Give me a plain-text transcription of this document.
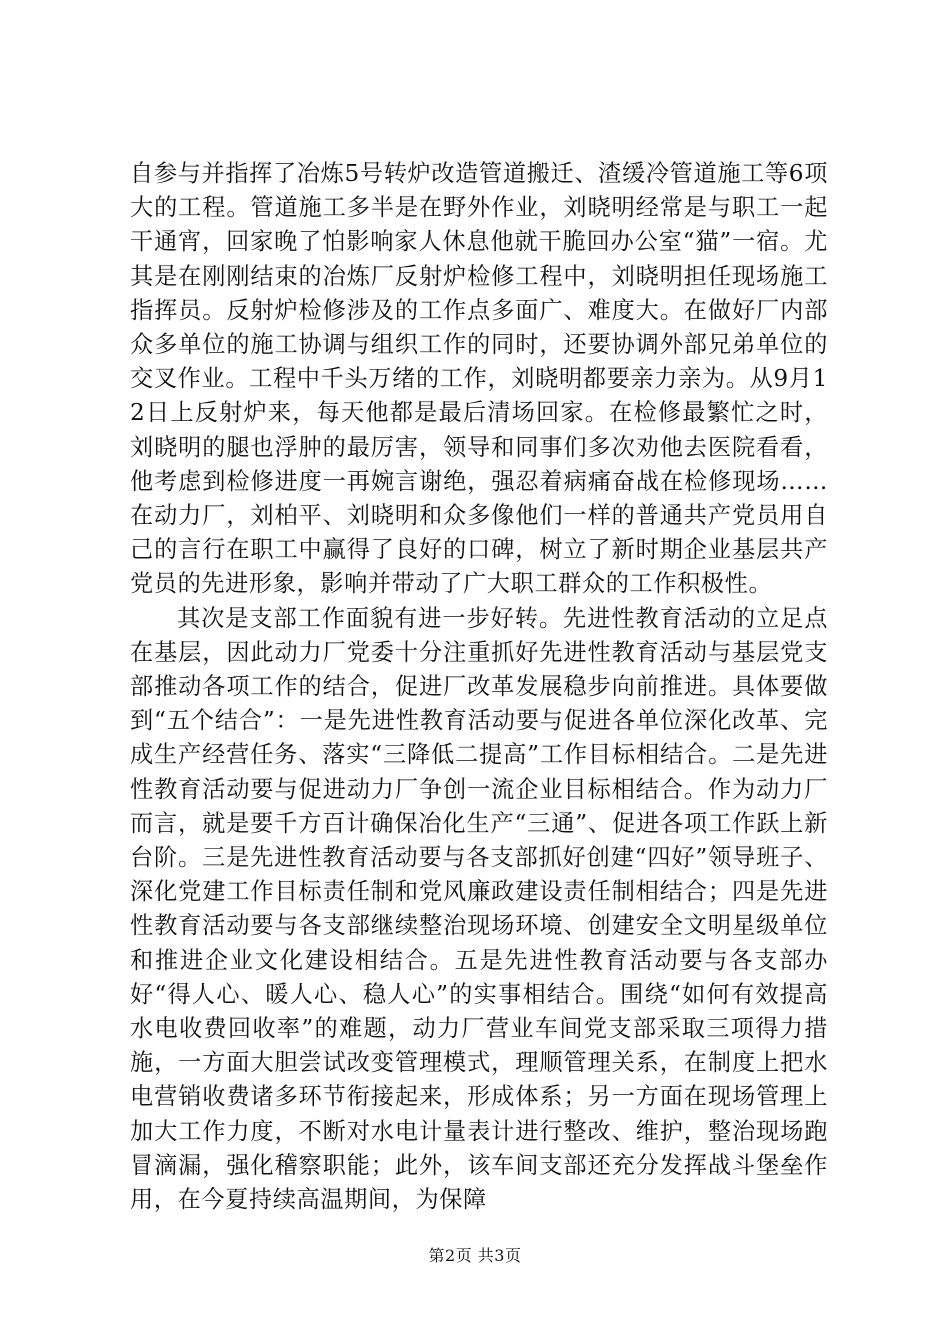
自参与并指挥了冶炼5号转炉改造管道搬迁、渣缓冷管道施工等6项大的工程。管道施工多半是在野外作业，刘晓明经常是与职工一起干通宵，回家晚了怕影响家人休息他就干脆回办公室“猫”一宿。尤其是在刚刚结束的冶炼厂反射炉检修工程中，刘晓明担任现场施工指挥员。反射炉检修涉及的工作点多面广、难度大。在做好厂内部众多单位的施工协调与组织工作的同时，还要协调外部兄弟单位的交叉作业。工程中千头万绪的工作，刘晓明都要亲力亲为。从9月12日上反射炉来，每天他都是最后清场回家。在检修最繁忙之时，刘晓明的腿也浮肿的最厉害，领导和同事们多次劝他去医院看看，他考虑到检修进度一再婉言谢绝，强忍着病痛奋战在检修现场……在动力厂，刘柏平、刘晓明和众多像他们一样的普通共产党员用自己的言行在职工中赢得了良好的口碑，树立了新时期企业基层共产党员的先进形象，影响并带动了广大职工群众的工作积极性。

其次是支部工作面貌有进一步好转。先进性教育活动的立足点在基层，因此动力厂党委十分注重抓好先进性教育活动与基层党支部推动各项工作的结合，促进厂改革发展稳步向前推进。具体要做到“五个结合”：一是先进性教育活动要与促进各单位深化改革、完成生产经营任务、落实“三降低二提高”工作目标相结合。二是先进性教育活动要与促进动力厂争创一流企业目标相结合。作为动力厂而言，就是要千方百计确保冶化生产“三通”、促进各项工作跃上新台阶。三是先进性教育活动要与各支部抓好创建“四好”领导班子、深化党建工作目标责任制和党风廉政建设责任制相结合；四是先进性教育活动要与各支部继续整治现场环境、创建安全文明星级单位和推进企业文化建设相结合。五是先进性教育活动要与各支部办好“得人心、暖人心、稳人心”的实事相结合。围绕“如何有效提高水电收费回收率”的难题，动力厂营业车间党支部采取三项得力措施，一方面大胆尝试改变管理模式，理顺管理关系，在制度上把水电营销收费诸多环节衔接起来，形成体系；另一方面在现场管理上加大工作力度，不断对水电计量表计进行整改、维护，整治现场跑冒滴漏，强化稽察职能；此外，该车间支部还充分发挥战斗堡垒作用，在今夏持续高温期间，为保障

第2页 共3页
